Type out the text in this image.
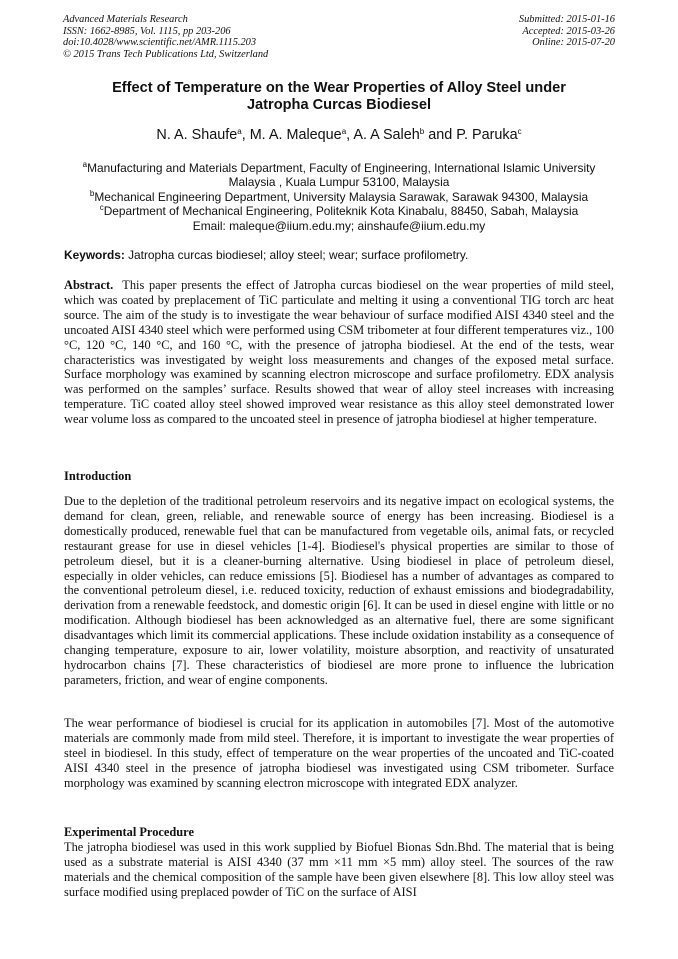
Advanced Materials Research
ISSN: 1662-8985, Vol. 1115, pp 203-206
doi:10.4028/www.scientific.net/AMR.1115.203
© 2015 Trans Tech Publications Ltd, Switzerland
Submitted: 2015-01-16
Accepted: 2015-03-26
Online: 2015-07-20
Effect of Temperature on the Wear Properties of Alloy Steel under
Jatropha Curcas Biodiesel
N. A. Shaufe$^a$, M. A. Maleque$^a$, A. A Saleh$^b$ and P. Paruka$^c$
$^a$Manufacturing and Materials Department, Faculty of Engineering, International Islamic University
Malaysia , Kuala Lumpur 53100, Malaysia
$^b$Mechanical Engineering Department, University Malaysia Sarawak, Sarawak 94300, Malaysia
$^c$Department of Mechanical Engineering, Politeknik Kota Kinabalu, 88450, Sabah, Malaysia
Email: maleque@iium.edu.my; ainshaufe@iium.edu.my
Keywords: Jatropha curcas biodiesel; alloy steel; wear; surface profilometry.

Abstract. This paper presents the effect of Jatropha curcas biodiesel on the wear properties of mild steel, which was coated by preplacement of TiC particulate and melting it using a conventional TIG torch arc heat source. The aim of the study is to investigate the wear behaviour of surface modified AISI 4340 steel and the uncoated AISI 4340 steel which were performed using CSM tribometer at four different temperatures viz., 100 °C, 120 °C, 140 °C, and 160 °C, with the presence of jatropha biodiesel. At the end of the tests, wear characteristics was investigated by weight loss measurements and changes of the exposed metal surface. Surface morphology was examined by scanning electron microscope and surface profilometry. EDX analysis was performed on the samples’ surface. Results showed that wear of alloy steel increases with increasing temperature. TiC coated alloy steel showed improved wear resistance as this alloy steel demonstrated lower wear volume loss as compared to the uncoated steel in presence of jatropha biodiesel at higher temperature.

Introduction

Due to the depletion of the traditional petroleum reservoirs and its negative impact on ecological systems, the demand for clean, green, reliable, and renewable source of energy has been increasing. Biodiesel is a domestically produced, renewable fuel that can be manufactured from vegetable oils, animal fats, or recycled restaurant grease for use in diesel vehicles [1-4]. Biodiesel's physical properties are similar to those of petroleum diesel, but it is a cleaner-burning alternative. Using biodiesel in place of petroleum diesel, especially in older vehicles, can reduce emissions [5]. Biodiesel has a number of advantages as compared to the conventional petroleum diesel, i.e. reduced toxicity, reduction of exhaust emissions and biodegradability, derivation from a renewable feedstock, and domestic origin [6]. It can be used in diesel engine with little or no modification. Although biodiesel has been acknowledged as an alternative fuel, there are some significant disadvantages which limit its commercial applications. These include oxidation instability as a consequence of changing temperature, exposure to air, lower volatility, moisture absorption, and reactivity of unsaturated hydrocarbon chains [7]. These characteristics of biodiesel are more prone to influence the lubrication parameters, friction, and wear of engine components.

The wear performance of biodiesel is crucial for its application in automobiles [7]. Most of the automotive materials are commonly made from mild steel. Therefore, it is important to investigate the wear properties of steel in biodiesel. In this study, effect of temperature on the wear properties of the uncoated and TiC-coated AISI 4340 steel in the presence of jatropha biodiesel was investigated using CSM tribometer. Surface morphology was examined by scanning electron microscope with integrated EDX analyzer.

Experimental Procedure

The jatropha biodiesel was used in this work supplied by Biofuel Bionas Sdn.Bhd. The material that is being used as a substrate material is AISI 4340 (37 mm ×11 mm ×5 mm) alloy steel. The sources of the raw materials and the chemical composition of the sample have been given elsewhere [8]. This low alloy steel was surface modified using preplaced powder of TiC on the surface of AISI
